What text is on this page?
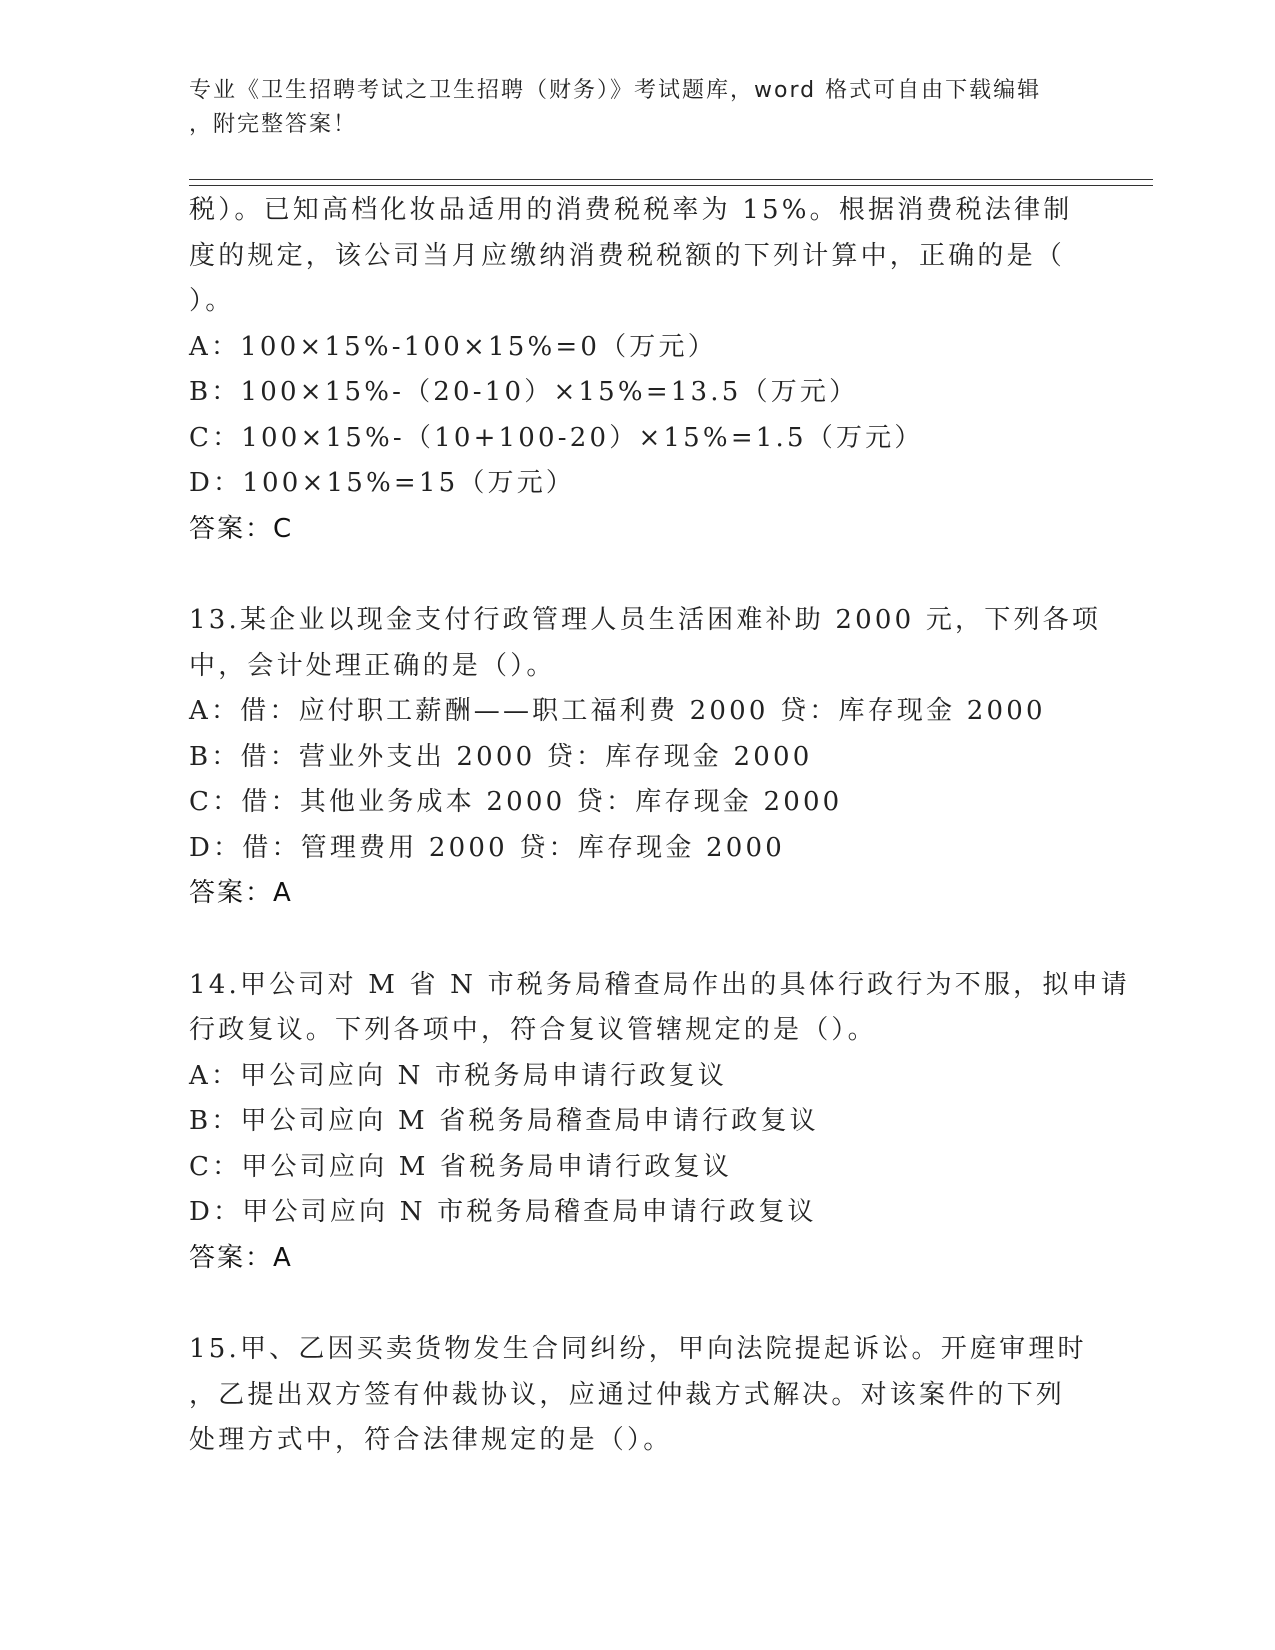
专业《卫生招聘考试之卫生招聘（财务）》考试题库，word 格式可自由下载编辑
，附完整答案！
税）。已知高档化妆品适用的消费税税率为 15%。根据消费税法律制
度的规定，该公司当月应缴纳消费税税额的下列计算中，正确的是（
）。
A：100×15%-100×15%=0（万元）
B：100×15%-（20-10）×15%=13.5（万元）
C：100×15%-（10+100-20）×15%=1.5（万元）
D：100×15%=15（万元）
答案：C
13.某企业以现金支付行政管理人员生活困难补助 2000 元，下列各项
中，会计处理正确的是（）。
A：借：应付职工薪酬——职工福利费 2000 贷：库存现金 2000
B：借：营业外支出 2000 贷：库存现金 2000
C：借：其他业务成本 2000 贷：库存现金 2000
D：借：管理费用 2000 贷：库存现金 2000
答案：A
14.甲公司对 M 省 N 市税务局稽查局作出的具体行政行为不服，拟申请
行政复议。下列各项中，符合复议管辖规定的是（）。
A：甲公司应向 N 市税务局申请行政复议
B：甲公司应向 M 省税务局稽查局申请行政复议
C：甲公司应向 M 省税务局申请行政复议
D：甲公司应向 N 市税务局稽查局申请行政复议
答案：A
15.甲、乙因买卖货物发生合同纠纷，甲向法院提起诉讼。开庭审理时
，乙提出双方签有仲裁协议，应通过仲裁方式解决。对该案件的下列
处理方式中，符合法律规定的是（）。
